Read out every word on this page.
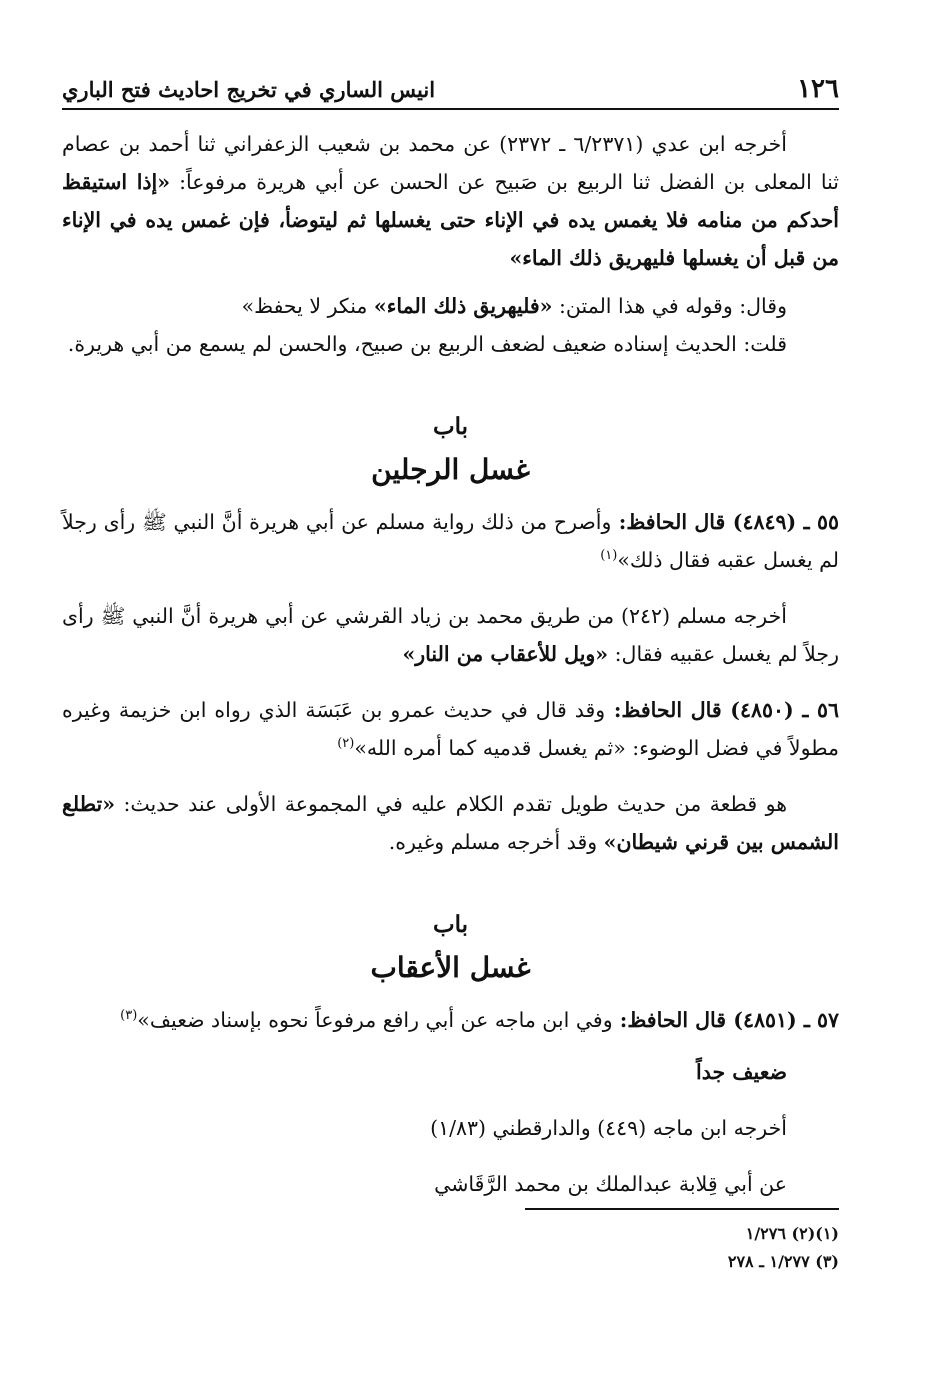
١٢٦
انيس الساري في تخريج احاديث فتح الباري

أخرجه ابن عدي (٦/٢٣٧١ ـ ٢٣٧٢) عن محمد بن شعيب الزعفراني ثنا أحمد بن عصام ثنا المعلى بن الفضل ثنا الربيع بن صَبيح عن الحسن عن أبي هريرة مرفوعاً: «إذا استيقظ أحدكم من منامه فلا يغمس يده في الإناء حتى يغسلها ثم ليتوضأ، فإن غمس يده في الإناء من قبل أن يغسلها فليهريق ذلك الماء»

وقال: وقوله في هذا المتن: «فليهريق ذلك الماء» منكر لا يحفظ»

قلت: الحديث إسناده ضعيف لضعف الربيع بن صبيح، والحسن لم يسمع من أبي هريرة.

باب
غسل الرجلين

٥٥ ـ (٤٨٤٩) قال الحافظ: وأصرح من ذلك رواية مسلم عن أبي هريرة أنَّ النبي ﷺ رأى رجلاً لم يغسل عقبه فقال ذلك»$^{(١)}$

أخرجه مسلم (٢٤٢) من طريق محمد بن زياد القرشي عن أبي هريرة أنَّ النبي ﷺ رأى رجلاً لم يغسل عقبيه فقال: «ويل للأعقاب من النار»

٥٦ ـ (٤٨٥٠) قال الحافظ: وقد قال في حديث عمرو بن عَبَسَة الذي رواه ابن خزيمة وغيره مطولاً في فضل الوضوء: «ثم يغسل قدميه كما أمره الله»$^{(٢)}$

هو قطعة من حديث طويل تقدم الكلام عليه في المجموعة الأولى عند حديث: «تطلع الشمس بين قرني شيطان» وقد أخرجه مسلم وغيره.

باب
غسل الأعقاب

٥٧ ـ (٤٨٥١) قال الحافظ: وفي ابن ماجه عن أبي رافع مرفوعاً نحوه بإسناد ضعيف»$^{(٣)}$

ضعيف جداً

أخرجه ابن ماجه (٤٤٩) والدارقطني (١/٨٣)

عن أبي قِلابة عبدالملك بن محمد الرَّقَاشي

(١)(٢) ١/٢٧٦

(٣) ١/٢٧٧ ـ ٢٧٨
